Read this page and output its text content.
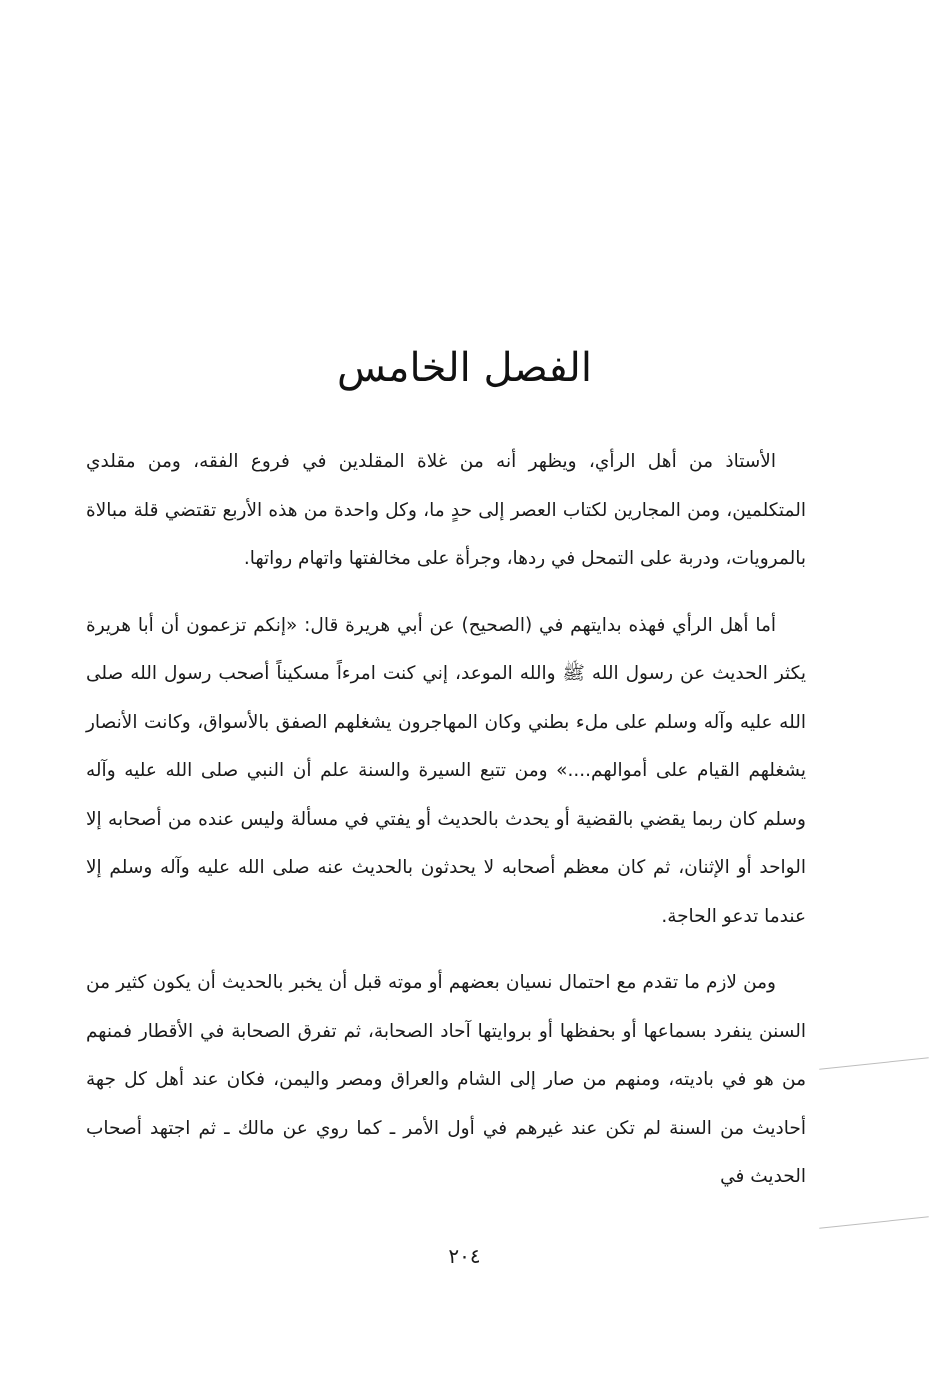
الفصل الخامس

الأستاذ من أهل الرأي، ويظهر أنه من غلاة المقلدين في فروع الفقه، ومن مقلدي المتكلمين، ومن المجارين لكتاب العصر إلى حدٍ ما، وكل واحدة من هذه الأربع تقتضي قلة مبالاة بالمرويات، ودربة على التمحل في ردها، وجرأة على مخالفتها واتهام رواتها.

أما أهل الرأي فهذه بدايتهم في (الصحيح) عن أبي هريرة قال: «إنكم تزعمون أن أبا هريرة يكثر الحديث عن رسول الله ﷺ والله الموعد، إني كنت امرءاً مسكيناً أصحب رسول الله صلى الله عليه وآله وسلم على ملء بطني وكان المهاجرون يشغلهم الصفق بالأسواق، وكانت الأنصار يشغلهم القيام على أموالهم....» ومن تتبع السيرة والسنة علم أن النبي صلى الله عليه وآله وسلم كان ربما يقضي بالقضية أو يحدث بالحديث أو يفتي في مسألة وليس عنده من أصحابه إلا الواحد أو الإثنان، ثم كان معظم أصحابه لا يحدثون بالحديث عنه صلى الله عليه وآله وسلم إلا عندما تدعو الحاجة.

ومن لازم ما تقدم مع احتمال نسيان بعضهم أو موته قبل أن يخبر بالحديث أن يكون كثير من السنن ينفرد بسماعها أو بحفظها أو بروايتها آحاد الصحابة، ثم تفرق الصحابة في الأقطار فمنهم من هو في باديته، ومنهم من صار إلى الشام والعراق ومصر واليمن، فكان عند أهل كل جهة أحاديث من السنة لم تكن عند غيرهم في أول الأمر ـ كما روي عن مالك ـ ثم اجتهد أصحاب الحديث في

٢٠٤
